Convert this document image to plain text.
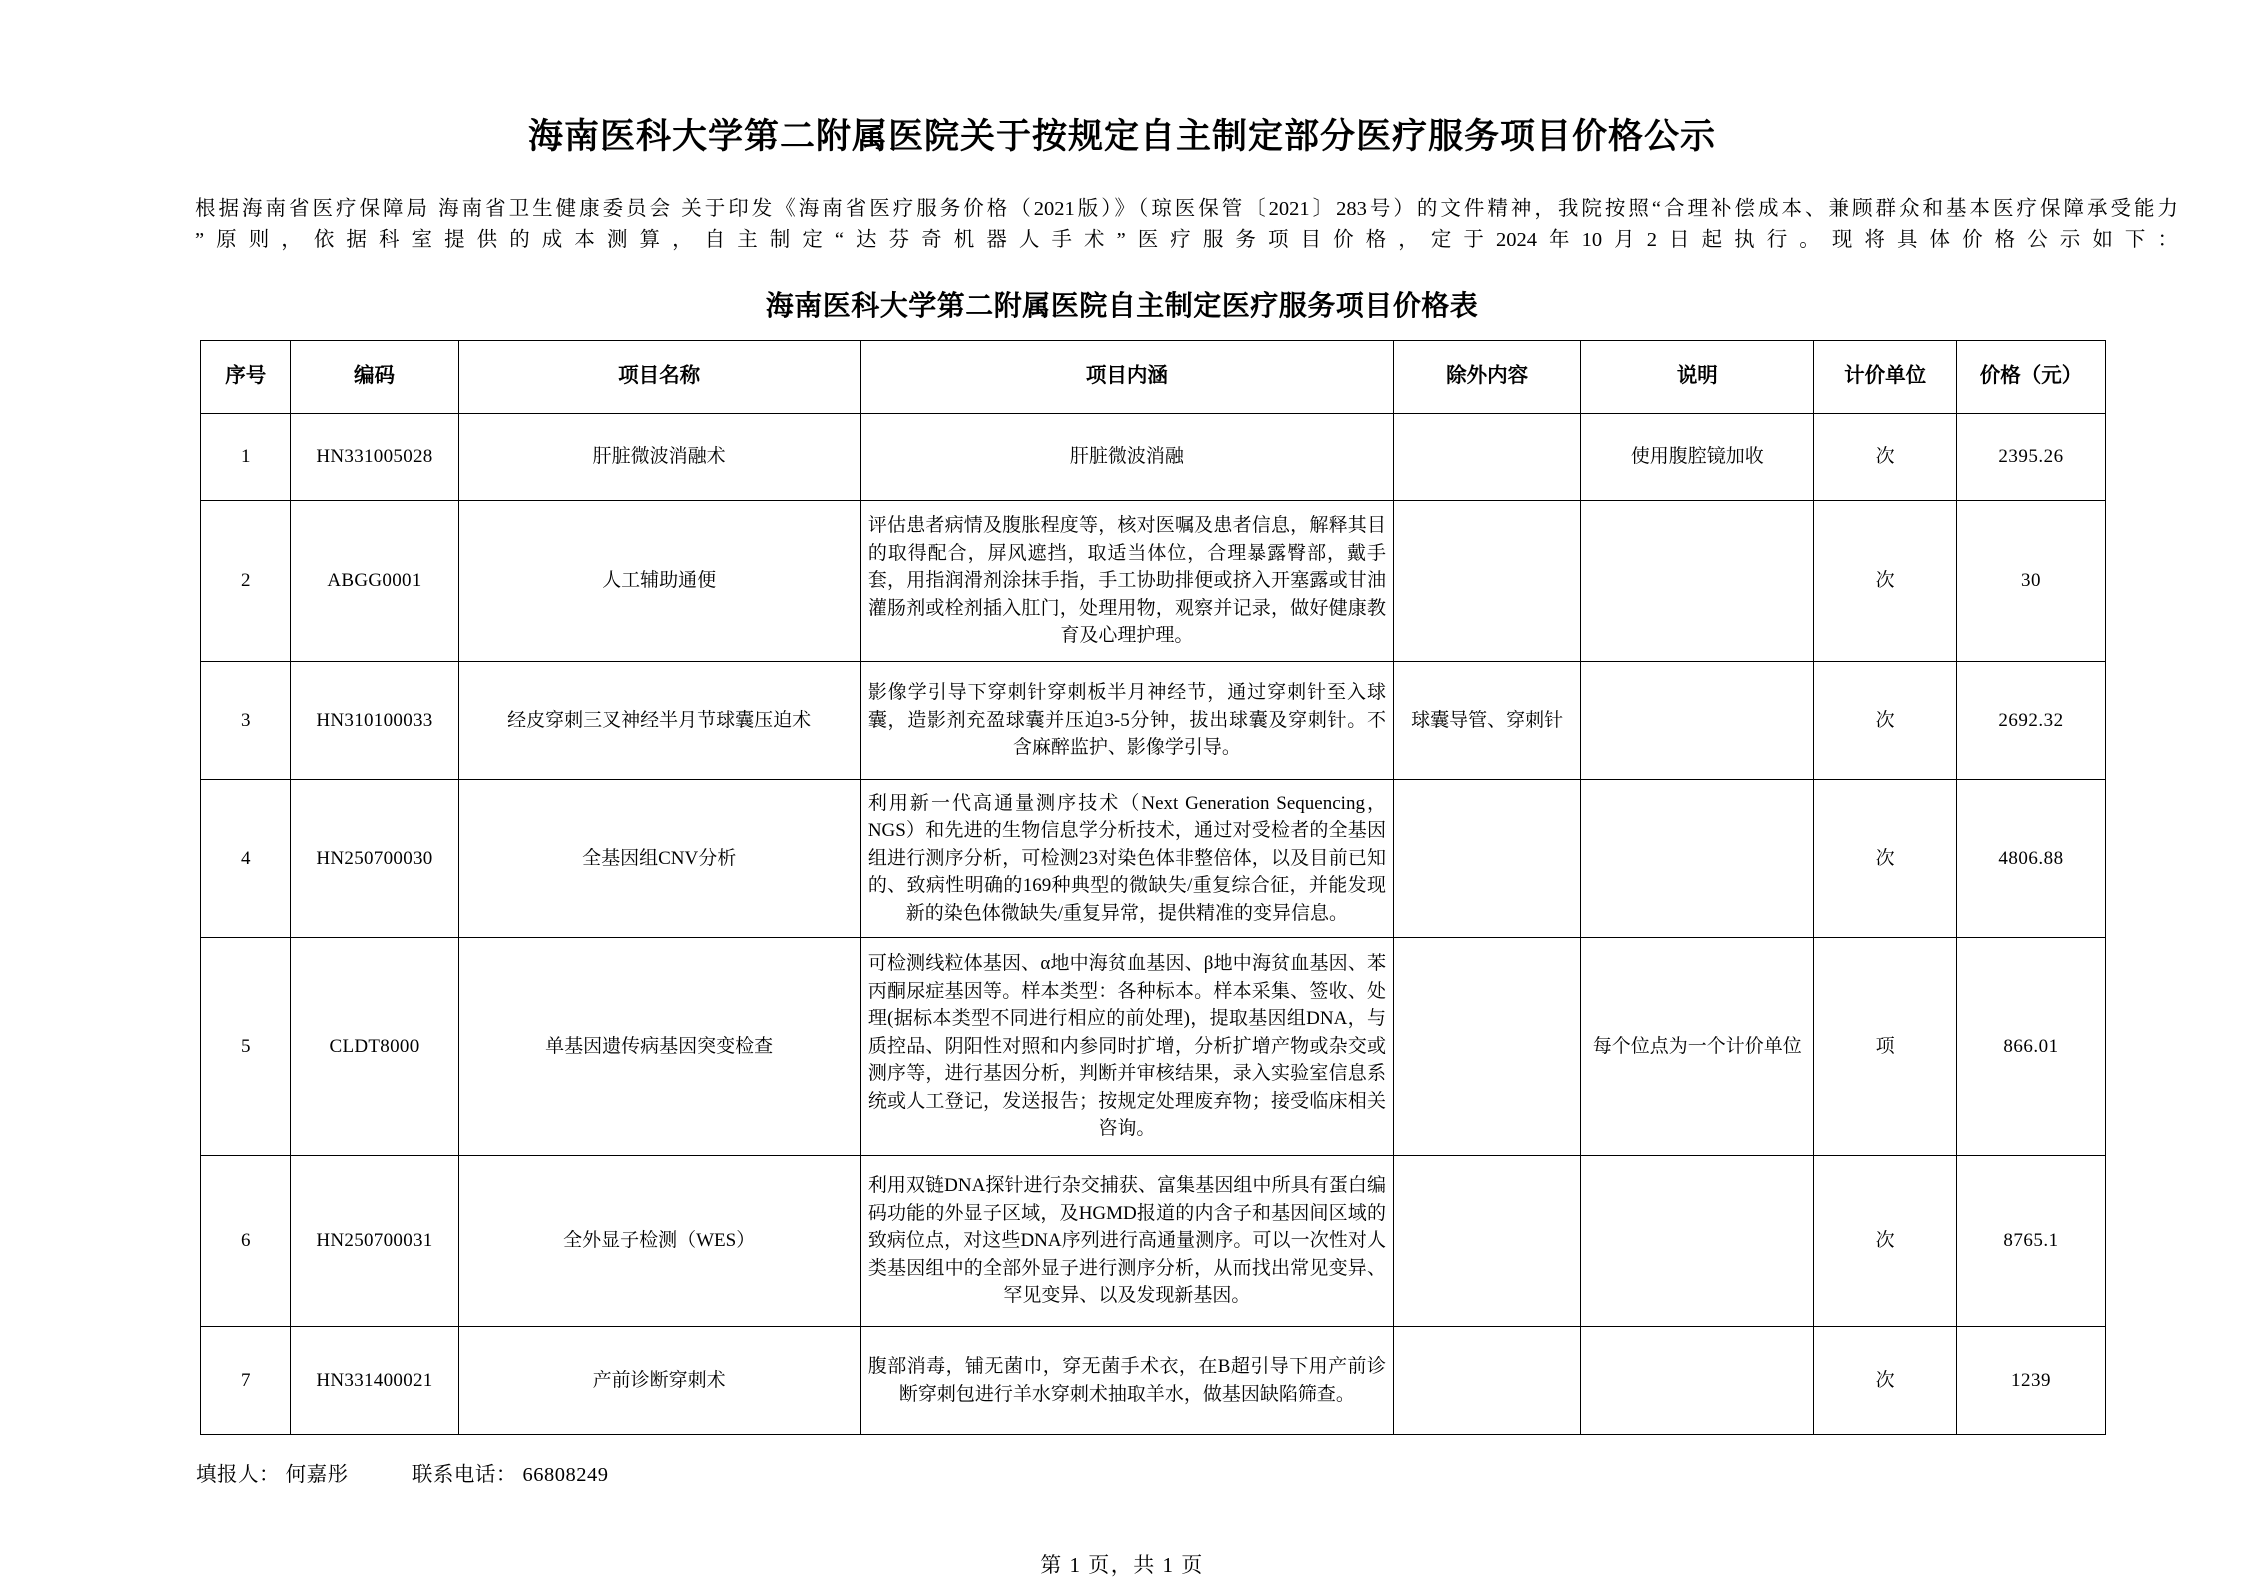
海南医科大学第二附属医院关于按规定自主制定部分医疗服务项目价格公示
根据海南省医疗保障局 海南省卫生健康委员会 关于印发《海南省医疗服务价格（2021版）》（琼医保管〔2021〕283号）的文件精神，我院按照“合理补偿成本、兼顾群众和基本医疗保障承受能力
”原则，依据科室提供的成本测算，自主制定“达芬奇机器人手术”医疗服务项目价格，定于2024年10月2日起执行。现将具体价格公示如下：
海南医科大学第二附属医院自主制定医疗服务项目价格表
序号	编码	项目名称	项目内涵	除外内容	说明	计价单位	价格（元）
1	HN331005028	肝脏微波消融术	肝脏微波消融		使用腹腔镜加收	次	2395.26
2	ABGG0001	人工辅助通便	评估患者病情及腹胀程度等，核对医嘱及患者信息，解释其目的取得配合，屏风遮挡，取适当体位，合理暴露臀部，戴手套，用指润滑剂涂抹手指，手工协助排便或挤入开塞露或甘油灌肠剂或栓剂插入肛门，处理用物，观察并记录，做好健康教育及心理护理。			次	30
3	HN310100033	经皮穿刺三叉神经半月节球囊压迫术	影像学引导下穿刺针穿刺板半月神经节，通过穿刺针至入球囊，造影剂充盈球囊并压迫3-5分钟，拔出球囊及穿刺针。不含麻醉监护、影像学引导。	球囊导管、穿刺针		次	2692.32
4	HN250700030	全基因组CNV分析	利用新一代高通量测序技术（Next Generation Sequencing，NGS）和先进的生物信息学分析技术，通过对受检者的全基因组进行测序分析，可检测23对染色体非整倍体，以及目前已知的、致病性明确的169种典型的微缺失/重复综合征，并能发现新的染色体微缺失/重复异常，提供精准的变异信息。			次	4806.88
5	CLDT8000	单基因遗传病基因突变检查	可检测线粒体基因、α地中海贫血基因、β地中海贫血基因、苯丙酮尿症基因等。样本类型：各种标本。样本采集、签收、处理(据标本类型不同进行相应的前处理)，提取基因组DNA，与质控品、阴阳性对照和内参同时扩增，分析扩增产物或杂交或测序等，进行基因分析，判断并审核结果，录入实验室信息系统或人工登记，发送报告；按规定处理废弃物；接受临床相关咨询。		每个位点为一个计价单位	项	866.01
6	HN250700031	全外显子检测（WES）	利用双链DNA探针进行杂交捕获、富集基因组中所具有蛋白编码功能的外显子区域，及HGMD报道的内含子和基因间区域的致病位点，对这些DNA序列进行高通量测序。可以一次性对人类基因组中的全部外显子进行测序分析，从而找出常见变异、罕见变异、以及发现新基因。			次	8765.1
7	HN331400021	产前诊断穿刺术	腹部消毒，铺无菌巾，穿无菌手术衣，在B超引导下用产前诊断穿刺包进行羊水穿刺术抽取羊水，做基因缺陷筛查。			次	1239
填报人： 何嘉彤	联系电话： 66808249
第 1 页，共 1 页
